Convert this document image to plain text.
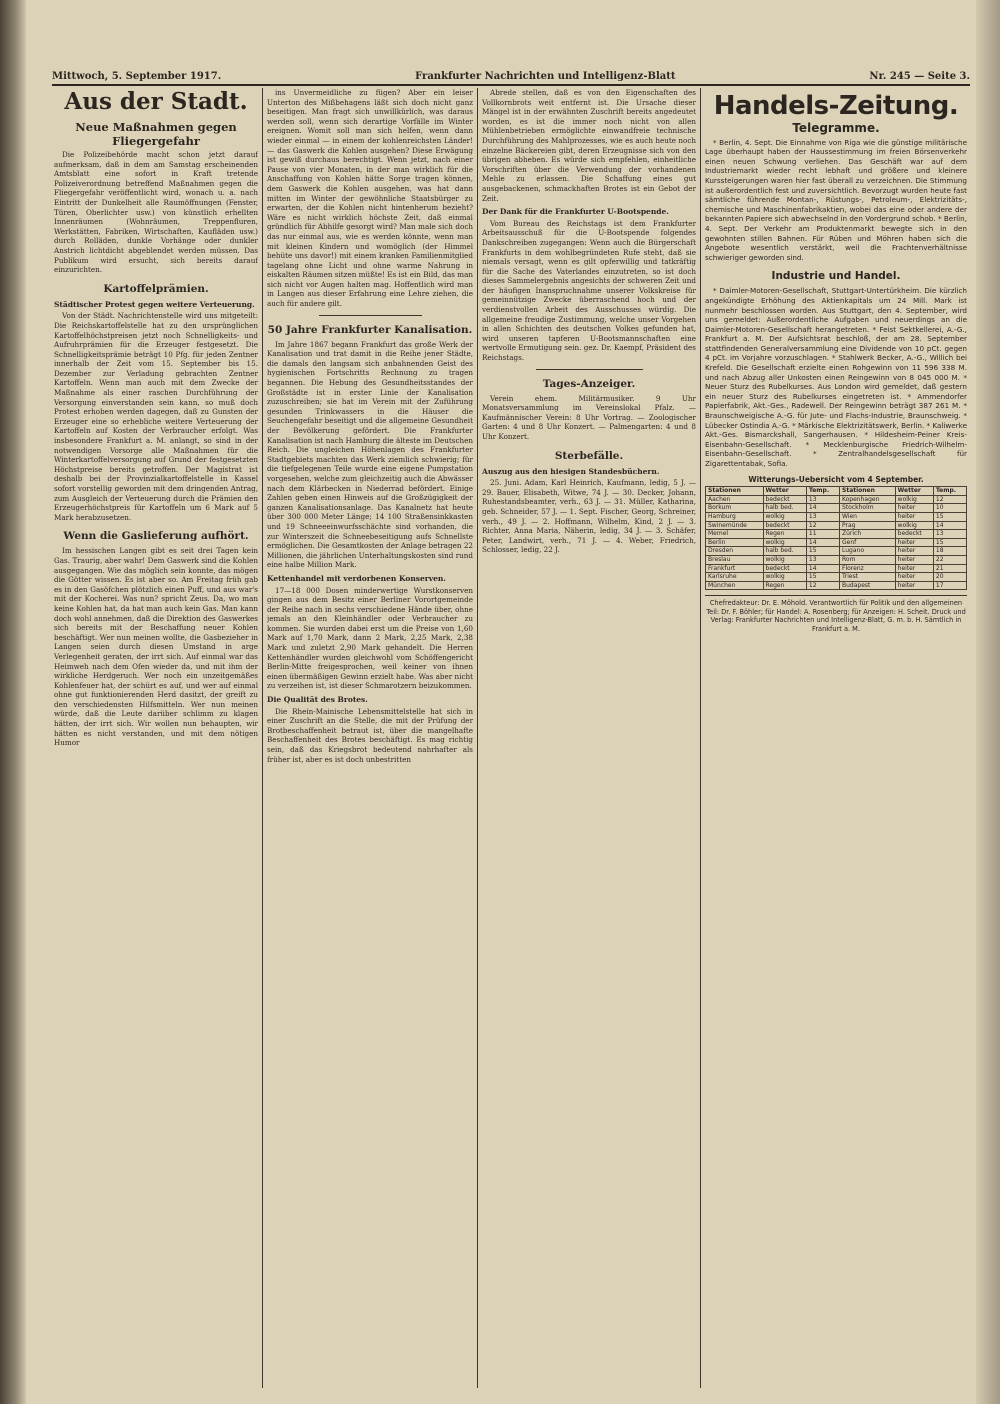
Mittwoch, 5. September 1917.	Frankfurter Nachrichten und Intelligenz-Blatt	Nr. 245 — Seite 3.
Aus der Stadt.
Neue Maßnahmen gegen Fliegergefahr

Die Polizeibehörde macht schon jetzt darauf aufmerksam, daß in dem am Samstag erscheinenden Amtsblatt eine sofort in Kraft tretende Polizeiverordnung betreffend Maßnahmen gegen die Fliegergefahr veröffentlicht wird, wonach u. a. nach Eintritt der Dunkelheit alle Raumöffnungen (Fenster, Türen, Oberlichter usw.) von künstlich erhellten Innenräumen (Wohnräumen, Treppenfluren, Werkstätten, Fabriken, Wirtschaften, Kaufläden usw.) durch Rolläden, dunkle Vorhänge oder dunkler Anstrich lichtdicht abgeblendet werden müssen. Das Publikum wird ersucht, sich bereits darauf einzurichten.

Kartoffelprämien.
Städtischer Protest gegen weitere Verteuerung.

Von der Städt. Nachrichtenstelle wird uns mitgeteilt: Die Reichskartoffelstelle hat zu den ursprünglichen Kartoffelhöchstpreisen jetzt noch Schnelligkeits- und Aufruhrprämien für die Erzeuger festgesetzt. Die Schnelligkeitsprämie beträgt 10 Pfg. für jeden Zentner innerhalb der Zeit vom 15. September bis 15. Dezember zur Verladung gebrachten Zentner Kartoffeln. Wenn man auch mit dem Zwecke der Maßnahme als einer raschen Durchführung der Versorgung einverstanden sein kann, so muß doch Protest erhoben werden dagegen, daß zu Gunsten der Erzeuger eine so erhebliche weitere Verteuerung der Kartoffeln auf Kosten der Verbraucher erfolgt. Was insbesondere Frankfurt a. M. anlangt, so sind in der notwendigen Vorsorge alle Maßnahmen für die Winterkartoffelversorgung auf Grund der festgesetzten Höchstpreise bereits getroffen. Der Magistrat ist deshalb bei der Provinzialkartoffelstelle in Kassel sofort vorstellig geworden mit dem dringenden Antrag, zum Ausgleich der Verteuerung durch die Prämien den Erzeugerhöchstpreis für Kartoffeln um 6 Mark auf 5 Mark herabzusetzen.

Wenn die Gaslieferung aufhört.

Im hessischen Langen gibt es seit drei Tagen kein Gas. Traurig, aber wahr! Dem Gaswerk sind die Kohlen ausgegangen. Wie das möglich sein konnte, das mögen die Götter wissen. Es ist aber so. Am Freitag früh gab es in den Gasöfchen plötzlich einen Puff, und aus war's mit der Kocherei. Was nun? spricht Zeus. Da, wo man keine Kohlen hat, da hat man auch kein Gas. Man kann doch wohl annehmen, daß die Direktion des Gaswerkes sich bereits mit der Beschaffung neuer Kohlen beschäftigt. Wer nun meinen wollte, die Gasbezieher in Langen seien durch diesen Umstand in arge Verlegenheit geraten, der irrt sich. Auf einmal war das Heimweh nach dem Ofen wieder da, und mit ihm der wirkliche Herdgeruch. Wer noch ein unzeitgemäßes Kohlenfeuer hat, der schürt es auf, und wer auf einmal ohne gut funktionierenden Herd dasitzt, der greift zu den verschiedensten Hilfsmitteln. Wer nun meinen würde, daß die Leute darüber schlimm zu klagen hätten, der irrt sich. Wir wollen nun behaupten, wir hätten es nicht verstanden, und mit dem nötigen Humor

ins Unvermeidliche zu fügen? Aber ein leiser Unterton des Mißbehagens läßt sich doch nicht ganz beseitigen. Man fragt sich unwillkürlich, was daraus werden soll, wenn sich derartige Vorfälle im Winter ereignen. Womit soll man sich helfen, wenn dann wieder einmal — in einem der kohlenreichsten Länder! — das Gaswerk die Kohlen ausgehen? Diese Erwägung ist gewiß durchaus berechtigt. Wenn jetzt, nach einer Pause von vier Monaten, in der man wirklich für die Anschaffung von Kohlen hätte Sorge tragen können, dem Gaswerk die Kohlen ausgehen, was hat dann mitten im Winter der gewöhnliche Staatsbürger zu erwarten, der die Kohlen nicht hintenherum bezieht? Wäre es nicht wirklich höchste Zeit, daß einmal gründlich für Abhilfe gesorgt wird? Man male sich doch das nur einmal aus, wie es werden könnte, wenn man mit kleinen Kindern und womöglich (der Himmel behüte uns davor!) mit einem kranken Familienmitglied tagelang ohne Licht und ohne warme Nahrung in eiskalten Räumen sitzen müßte! Es ist ein Bild, das man sich nicht vor Augen halten mag. Hoffentlich wird man in Langen aus dieser Erfahrung eine Lehre ziehen, die auch für andere gilt.

50 Jahre Frankfurter Kanalisation.

Im Jahre 1867 begann Frankfurt das große Werk der Kanalisation und trat damit in die Reihe jener Städte, die damals den langsam sich anbahnenden Geist des hygienischen Fortschritts Rechnung zu tragen begannen. Die Hebung des Gesundheitsstandes der Großstädte ist in erster Linie der Kanalisation zuzuschreiben; sie hat im Verein mit der Zuführung gesunden Trinkwassers in die Häuser die Seuchengefahr beseitigt und die allgemeine Gesundheit der Bevölkerung gefördert. Die Frankfurter Kanalisation ist nach Hamburg die älteste im Deutschen Reich. Die ungleichen Höhenlagen des Frankfurter Stadtgebiets machten das Werk ziemlich schwierig; für die tiefgelegenen Teile wurde eine eigene Pumpstation vorgesehen, welche zum gleichzeitig auch die Abwässer nach dem Klärbecken in Niederrad befördert. Einige Zahlen geben einen Hinweis auf die Großzügigkeit der ganzen Kanalisationsanlage. Das Kanalnetz hat heute über 300 000 Meter Länge; 14 100 Straßensinkkasten und 19 Schneeeinwurfsschächte sind vorhanden, die zur Winterszeit die Schneebeseitigung aufs Schnellste ermöglichen. Die Gesamtkosten der Anlage betragen 22 Millionen, die jährlichen Unterhaltungskosten sind rund eine halbe Million Mark.

Kettenhandel mit verdorbenen Konserven.

17—18 000 Dosen minderwertige Wurstkonserven gingen aus dem Besitz einer Berliner Vorortgemeinde der Reihe nach in sechs verschiedene Hände über, ohne jemals an den Kleinhändler oder Verbraucher zu kommen. Sie wurden dabei erst um die Preise von 1,60 Mark auf 1,70 Mark, dann 2 Mark, 2,25 Mark, 2,38 Mark und zuletzt 2,90 Mark gehandelt. Die Herren Kettenhändler wurden gleichwohl vom Schöffengericht Berlin-Mitte freigesprochen, weil keiner von ihnen einen übermäßigen Gewinn erzielt habe. Was aber nicht zu verzeihen ist, ist dieser Schmarotzern beizukommen.

Die Qualität des Brotes.

Die Rhein-Mainische Lebensmittelstelle hat sich in einer Zuschrift an die Stelle, die mit der Prüfung der Brotbeschaffenheit betraut ist, über die mangelhafte Beschaffenheit des Brotes beschäftigt. Es mag richtig sein, daß das Kriegsbrot bedeutend nahrhafter als früher ist, aber es ist doch unbestritten

Abrede stellen, daß es von den Eigenschaften des Vollkornbrots weit entfernt ist. Die Ursache dieser Mängel ist in der erwähnten Zuschrift bereits angedeutet worden, es ist die immer noch nicht von allen Mühlenbetrieben ermöglichte einwandfreie technische Durchführung des Mahlprozesses, wie es auch heute noch einzelne Bäckereien gibt, deren Erzeugnisse sich von den übrigen abheben. Es würde sich empfehlen, einheitliche Vorschriften über die Verwendung der vorhandenen Mehle zu erlassen. Die Schaffung eines gut ausgebackenen, schmackhaften Brotes ist ein Gebot der Zeit.

Der Dank für die Frankfurter U-Bootspende.

Vom Bureau des Reichstags ist dem Frankfurter Arbeitsausschuß für die U-Bootspende folgendes Dankschreiben zugegangen: Wenn auch die Bürgerschaft Frankfurts in dem wohlbegründeten Rufe steht, daß sie niemals versagt, wenn es gilt opferwillig und tatkräftig für die Sache des Vaterlandes einzutreten, so ist doch dieses Sammelergebnis angesichts der schweren Zeit und der häufigen Inanspruchnahme unserer Volkskreise für gemeinnützige Zwecke überraschend hoch und der verdienstvollen Arbeit des Ausschusses würdig. Die allgemeine freudige Zustimmung, welche unser Vorgehen in allen Schichten des deutschen Volkes gefunden hat, wird unseren tapferen U-Bootsmannschaften eine wertvolle Ermutigung sein. gez. Dr. Kaempf, Präsident des Reichstags.

Tages-Anzeiger.

Verein ehem. Militärmusiker. 9 Uhr Monatsversammlung im Vereinslokal Pfalz. — Kaufmännischer Verein: 8 Uhr Vortrag. — Zoologischer Garten: 4 und 8 Uhr Konzert. — Palmengarten: 4 und 8 Uhr Konzert.

Sterbefälle.
Auszug aus den hiesigen Standesbüchern.

25. Juni. Adam, Karl Heinrich, Kaufmann, ledig, 5 J. — 29. Bauer, Elisabeth, Witwe, 74 J. — 30. Decker, Johann, Ruhestandsbeamter, verh., 63 J. — 31. Müller, Katharina, geb. Schneider, 57 J. — 1. Sept. Fischer, Georg, Schreiner, verh., 49 J. — 2. Hoffmann, Wilhelm, Kind, 2 J. — 3. Richter, Anna Maria, Näherin, ledig, 34 J. — 3. Schäfer, Peter, Landwirt, verh., 71 J. — 4. Weber, Friedrich, Schlosser, ledig, 22 J.

Handels-Zeitung.
Telegramme.

* Berlin, 4. Sept. Die Einnahme von Riga wie die günstige militärische Lage überhaupt haben der Haussestimmung im freien Börsenverkehr einen neuen Schwung verliehen. Das Geschäft war auf dem Industriemarkt wieder recht lebhaft und größere und kleinere Kurssteigerungen waren hier fast überall zu verzeichnen. Die Stimmung ist außerordentlich fest und zuversichtlich. Bevorzugt wurden heute fast sämtliche führende Montan-, Rüstungs-, Petroleum-, Elektrizitäts-, chemische und Maschinenfabrikaktien, wobei das eine oder andere der bekannten Papiere sich abwechselnd in den Vordergrund schob. * Berlin, 4. Sept. Der Verkehr am Produktenmarkt bewegte sich in den gewohnten stillen Bahnen. Für Rüben und Möhren haben sich die Angebote wesentlich verstärkt, weil die Frachtenverhältnisse schwieriger geworden sind.

Industrie und Handel.

* Daimler-Motoren-Gesellschaft, Stuttgart-Untertürkheim. Die kürzlich angekündigte Erhöhung des Aktienkapitals um 24 Mill. Mark ist nunmehr beschlossen worden. Aus Stuttgart, den 4. September, wird uns gemeldet: Außerordentliche Aufgaben und neuerdings an die Daimler-Motoren-Gesellschaft herangetreten. * Feist Sektkellerei, A.-G., Frankfurt a. M. Der Aufsichtsrat beschloß, der am 28. September stattfindenden Generalversammlung eine Dividende von 10 pCt. gegen 4 pCt. im Vorjahre vorzuschlagen. * Stahlwerk Becker, A.-G., Willich bei Krefeld. Die Gesellschaft erzielte einen Rohgewinn von 11 596 338 M. und nach Abzug aller Unkosten einen Reingewinn von 8 045 000 M. * Neuer Sturz des Rubelkurses. Aus London wird gemeldet, daß gestern ein neuer Sturz des Rubelkurses eingetreten ist. * Ammendorfer Papierfabrik, Akt.-Ges., Radewell. Der Reingewinn beträgt 387 261 M. * Braunschweigische A.-G. für Jute- und Flachs-Industrie, Braunschweig. * Lübecker Ostindia A.-G. * Märkische Elektrizitätswerk, Berlin. * Kaliwerke Akt.-Ges. Bismarckshall, Sangerhausen. * Hildesheim-Peiner Kreis-Eisenbahn-Gesellschaft. * Mecklenburgische Friedrich-Wilhelm-Eisenbahn-Gesellschaft. * Zentralhandelsgesellschaft für Zigarettentabak, Sofia.

Witterungs-Uebersicht vom 4 September.
Stationen	Wetter	Temp.	Stationen	Wetter	Temp.
Aachen	bedeckt	13	Kopenhagen	wolkig	12
Borkum	halb bed.	14	Stockholm	heiter	10
Hamburg	wolkig	13	Wien	heiter	15
Swinemünde	bedeckt	12	Prag	wolkig	14
Memel	Regen	11	Zürich	bedeckt	13
Berlin	wolkig	14	Genf	heiter	15
Dresden	halb bed.	15	Lugano	heiter	18
Breslau	wolkig	13	Rom	heiter	22
Frankfurt	bedeckt	14	Florenz	heiter	21
Karlsruhe	wolkig	15	Triest	heiter	20
München	Regen	12	Budapest	heiter	17
Chefredakteur: Dr. E. Möhold. Verantwortlich für Politik und den allgemeinen Teil: Dr. F. Böhler; für Handel: A. Rosenberg; für Anzeigen: H. Scheit. Druck und Verlag: Frankfurter Nachrichten und Intelligenz-Blatt, G. m. b. H. Sämtlich in Frankfurt a. M.
